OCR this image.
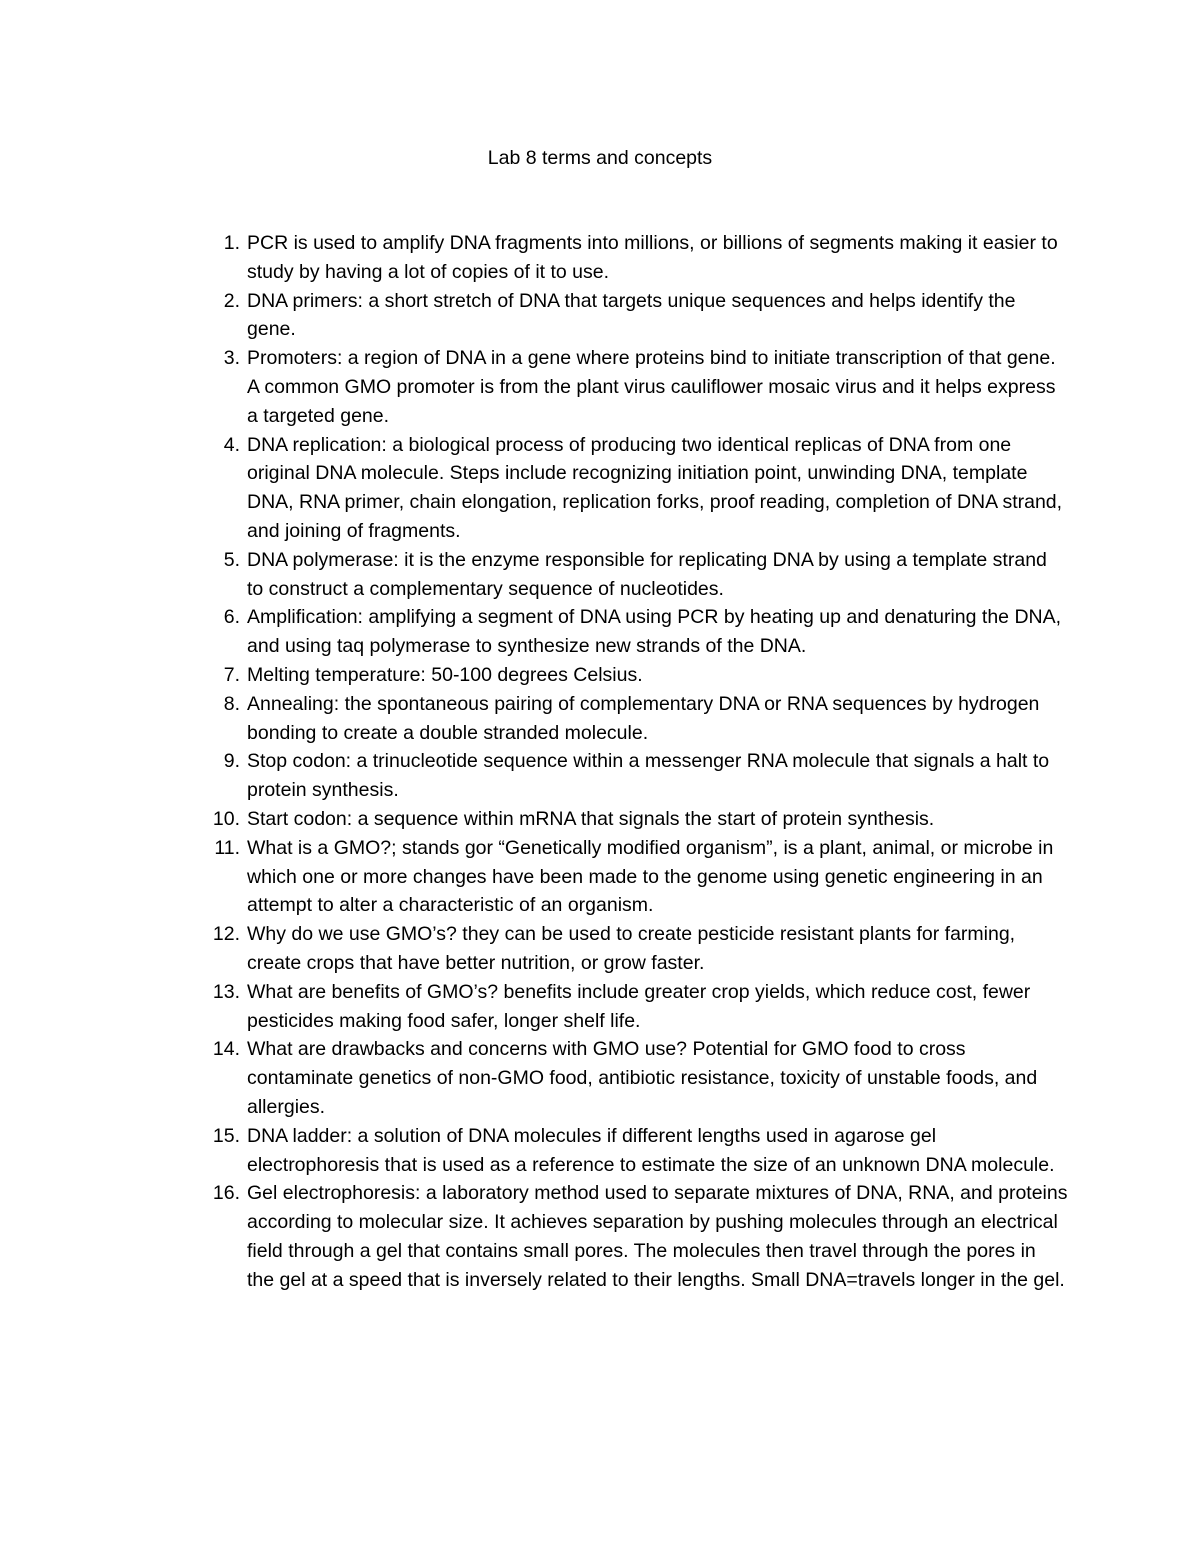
Lab 8 terms and concepts
1. PCR is used to amplify DNA fragments into millions, or billions of segments making it easier to study by having a lot of copies of it to use.
2. DNA primers: a short stretch of DNA that targets unique sequences and helps identify the gene.
3. Promoters: a region of DNA in a gene where proteins bind to initiate transcription of that gene. A common GMO promoter is from the plant virus cauliflower mosaic virus and it helps express a targeted gene.
4. DNA replication: a biological process of producing two identical replicas of DNA from one original DNA molecule. Steps include recognizing initiation point, unwinding DNA, template DNA, RNA primer, chain elongation, replication forks, proof reading, completion of DNA strand, and joining of fragments.
5. DNA polymerase: it is the enzyme responsible for replicating DNA by using a template strand to construct a complementary sequence of nucleotides.
6. Amplification: amplifying a segment of DNA using PCR by heating up and denaturing the DNA, and using taq polymerase to synthesize new strands of the DNA.
7. Melting temperature: 50-100 degrees Celsius.
8. Annealing: the spontaneous pairing of complementary DNA or RNA sequences by hydrogen bonding to create a double stranded molecule.
9. Stop codon: a trinucleotide sequence within a messenger RNA molecule that signals a halt to protein synthesis.
10. Start codon: a sequence within mRNA that signals the start of protein synthesis.
11. What is a GMO?; stands gor “Genetically modified organism”, is a plant, animal, or microbe in which one or more changes have been made to the genome using genetic engineering in an attempt to alter a characteristic of an organism.
12. Why do we use GMO’s? they can be used to create pesticide resistant plants for farming, create crops that have better nutrition, or grow faster.
13. What are benefits of GMO’s? benefits include greater crop yields, which reduce cost, fewer pesticides making food safer, longer shelf life.
14. What are drawbacks and concerns with GMO use? Potential for GMO food to cross contaminate genetics of non-GMO food, antibiotic resistance, toxicity of unstable foods, and allergies.
15. DNA ladder: a solution of DNA molecules if different lengths used in agarose gel electrophoresis that is used as a reference to estimate the size of an unknown DNA molecule.
16. Gel electrophoresis: a laboratory method used to separate mixtures of DNA, RNA, and proteins according to molecular size. It achieves separation by pushing molecules through an electrical field through a gel that contains small pores. The molecules then travel through the pores in the gel at a speed that is inversely related to their lengths. Small DNA=travels longer in the gel.
